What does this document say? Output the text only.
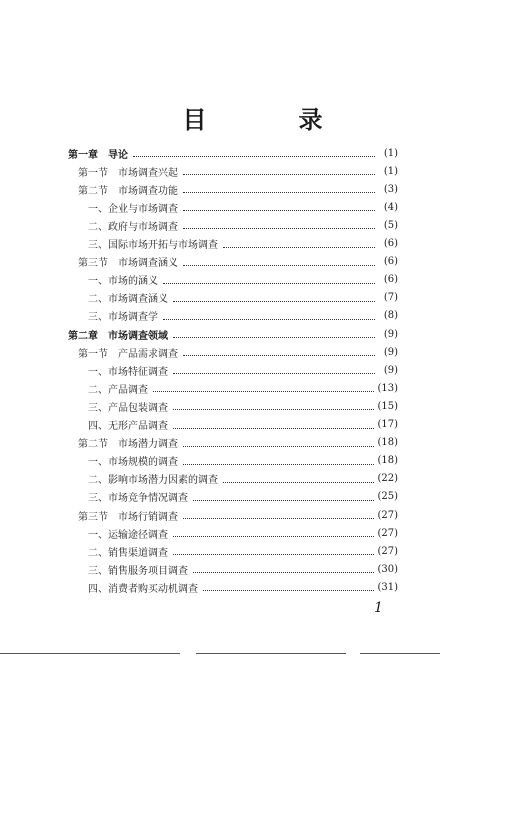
目　录
第一章　导论	(1)
第一节　市场调查兴起	(1)
第二节　市场调查功能	(3)
一、企业与市场调查	(4)
二、政府与市场调查	(5)
三、国际市场开拓与市场调查	(6)
第三节　市场调查涵义	(6)
一、市场的涵义	(6)
二、市场调查涵义	(7)
三、市场调查学	(8)
第二章　市场调查领域	(9)
第一节　产品需求调查	(9)
一、市场特征调查	(9)
二、产品调查	(13)
三、产品包装调查	(15)
四、无形产品调查	(17)
第二节　市场潜力调查	(18)
一、市场规模的调查	(18)
二、影响市场潜力因素的调查	(22)
三、市场竞争情况调查	(25)
第三节　市场行销调查	(27)
一、运输途径调查	(27)
二、销售渠道调查	(27)
三、销售服务项目调查	(30)
四、消费者购买动机调查	(31)
1
